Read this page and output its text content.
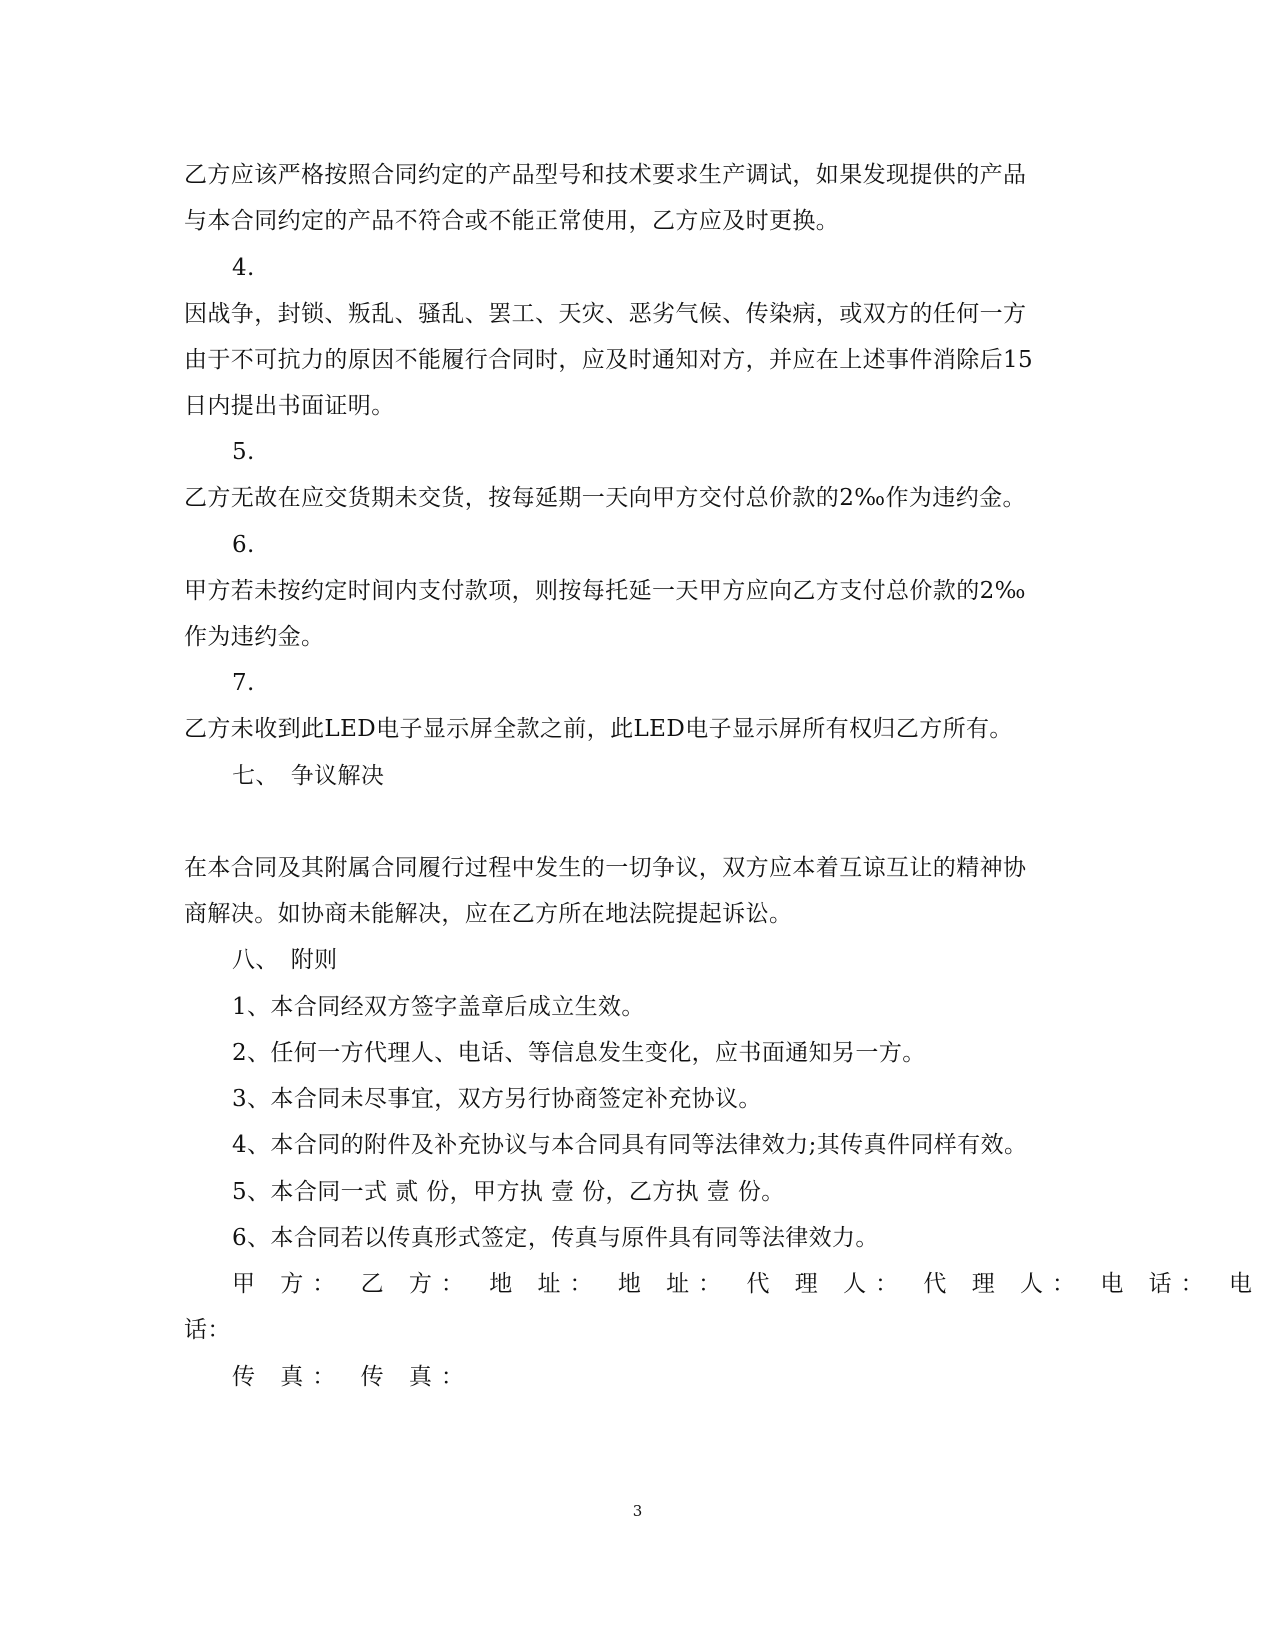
乙方应该严格按照合同约定的产品型号和技术要求生产调试，如果发现提供的产品
与本合同约定的产品不符合或不能正常使用，乙方应及时更换。
4.
因战争，封锁、叛乱、骚乱、罢工、天灾、恶劣气候、传染病，或双方的任何一方
由于不可抗力的原因不能履行合同时，应及时通知对方，并应在上述事件消除后15
日内提出书面证明。
5.
乙方无故在应交货期未交货，按每延期一天向甲方交付总价款的2‰作为违约金。
6.
甲方若未按约定时间内支付款项，则按每托延一天甲方应向乙方支付总价款的2‰
作为违约金。
7.
乙方未收到此LED电子显示屏全款之前，此LED电子显示屏所有权归乙方所有。
七、　争议解决
在本合同及其附属合同履行过程中发生的一切争议，双方应本着互谅互让的精神协
商解决。如协商未能解决，应在乙方所在地法院提起诉讼。
八、　附则
1、本合同经双方签字盖章后成立生效。
2、任何一方代理人、电话、等信息发生变化，应书面通知另一方。
3、本合同未尽事宜，双方另行协商签定补充协议。
4、本合同的附件及补充协议与本合同具有同等法律效力;其传真件同样有效。
5、本合同一式 贰 份，甲方执 壹 份，乙方执 壹 份。
6、本合同若以传真形式签定，传真与原件具有同等法律效力。
甲 方： 乙 方： 地 址： 地 址： 代 理 人： 代 理 人： 电 话： 电
话：
传 真： 传 真：
3
